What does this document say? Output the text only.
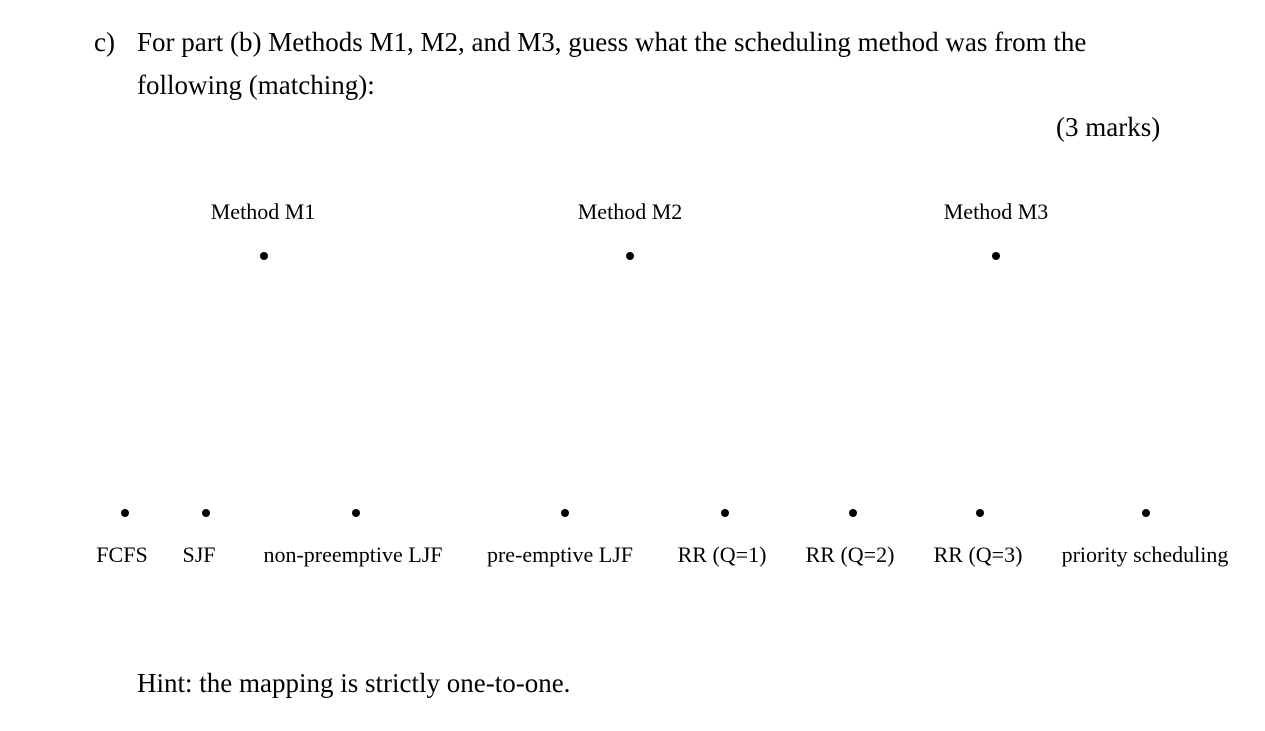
c) For part (b) Methods M1, M2, and M3, guess what the scheduling method was from the
following (matching):
(3 marks)
Method M1	Method M2	Method M3
FCFS SJF non-preemptive LJF pre-emptive LJF RR (Q=1) RR (Q=2) RR (Q=3) priority scheduling
Hint: the mapping is strictly one-to-one.
